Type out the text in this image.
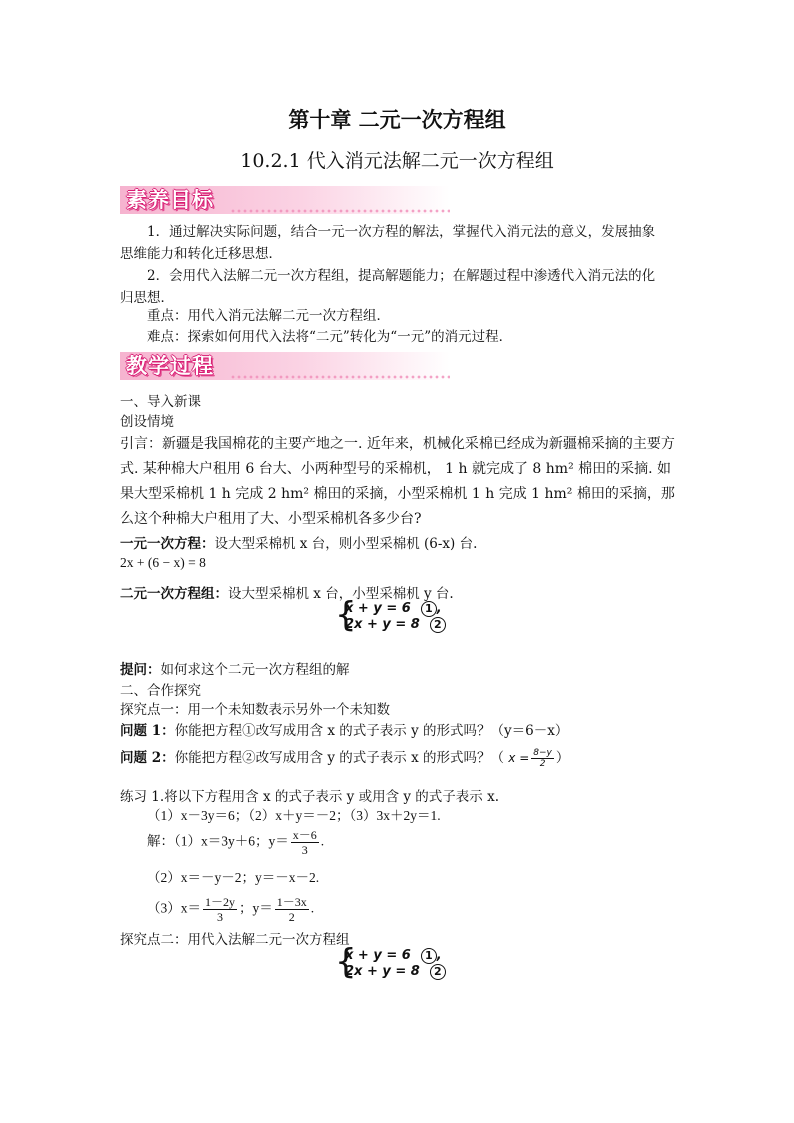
第十章 二元一次方程组
10.2.1 代入消元法解二元一次方程组
素养目标
1．通过解决实际问题，结合一元一次方程的解法，掌握代入消元法的意义，发展抽象
思维能力和转化迁移思想．
2．会用代入法解二元一次方程组，提高解题能力；在解题过程中渗透代入消元法的化
归思想．
重点：用代入消元法解二元一次方程组．
难点：探索如何用代入法将“二元”转化为“一元”的消元过程．
教学过程
一、导入新课
创设情境
引言：新疆是我国棉花的主要产地之一. 近年来，机械化采棉已经成为新疆棉采摘的主要方
式. 某种棉大户租用 6 台大、小两种型号的采棉机， 1 h 就完成了 8 hm² 棉田的采摘. 如
果大型采棉机 1 h 完成 2 hm² 棉田的采摘，小型采棉机 1 h 完成 1 hm² 棉田的采摘，那
么这个种棉大户租用了大、小型采棉机各多少台?
一元一次方程：设大型采棉机 x 台，则小型采棉机 (6-x) 台.
2x + (6 − x) = 8
二元一次方程组：设大型采棉机 x 台，小型采棉机 y 台.
{
x + y = 6 1 ,
2x + y = 8 2
提问：如何求这个二元一次方程组的解
二、合作探究
探究点一：用一个未知数表示另外一个未知数
问题 1：你能把方程①改写成用含 x 的式子表示 y 的形式吗？（y＝6－x）
问题 2：你能把方程②改写成用含 y 的式子表示 x 的形式吗？（ $x = \frac{8-y}{2}$ ）
练习 1.将以下方程用含 x 的式子表示 y 或用含 y 的式子表示 x.
（1）x－3y＝6；（2）x＋y＝－2；（3）3x＋2y＝1.
解：（1）x＝3y＋6；$y= \frac{x-6}{3}$ .
（2）x＝－y－2；y＝－x－2.
$(3)x= \frac{1-2y}{3}$ ；$y= \frac{1-3x}{2}$ .
探究点二：用代入法解二元一次方程组
{
x + y = 6 1 ,
2x + y = 8 2
